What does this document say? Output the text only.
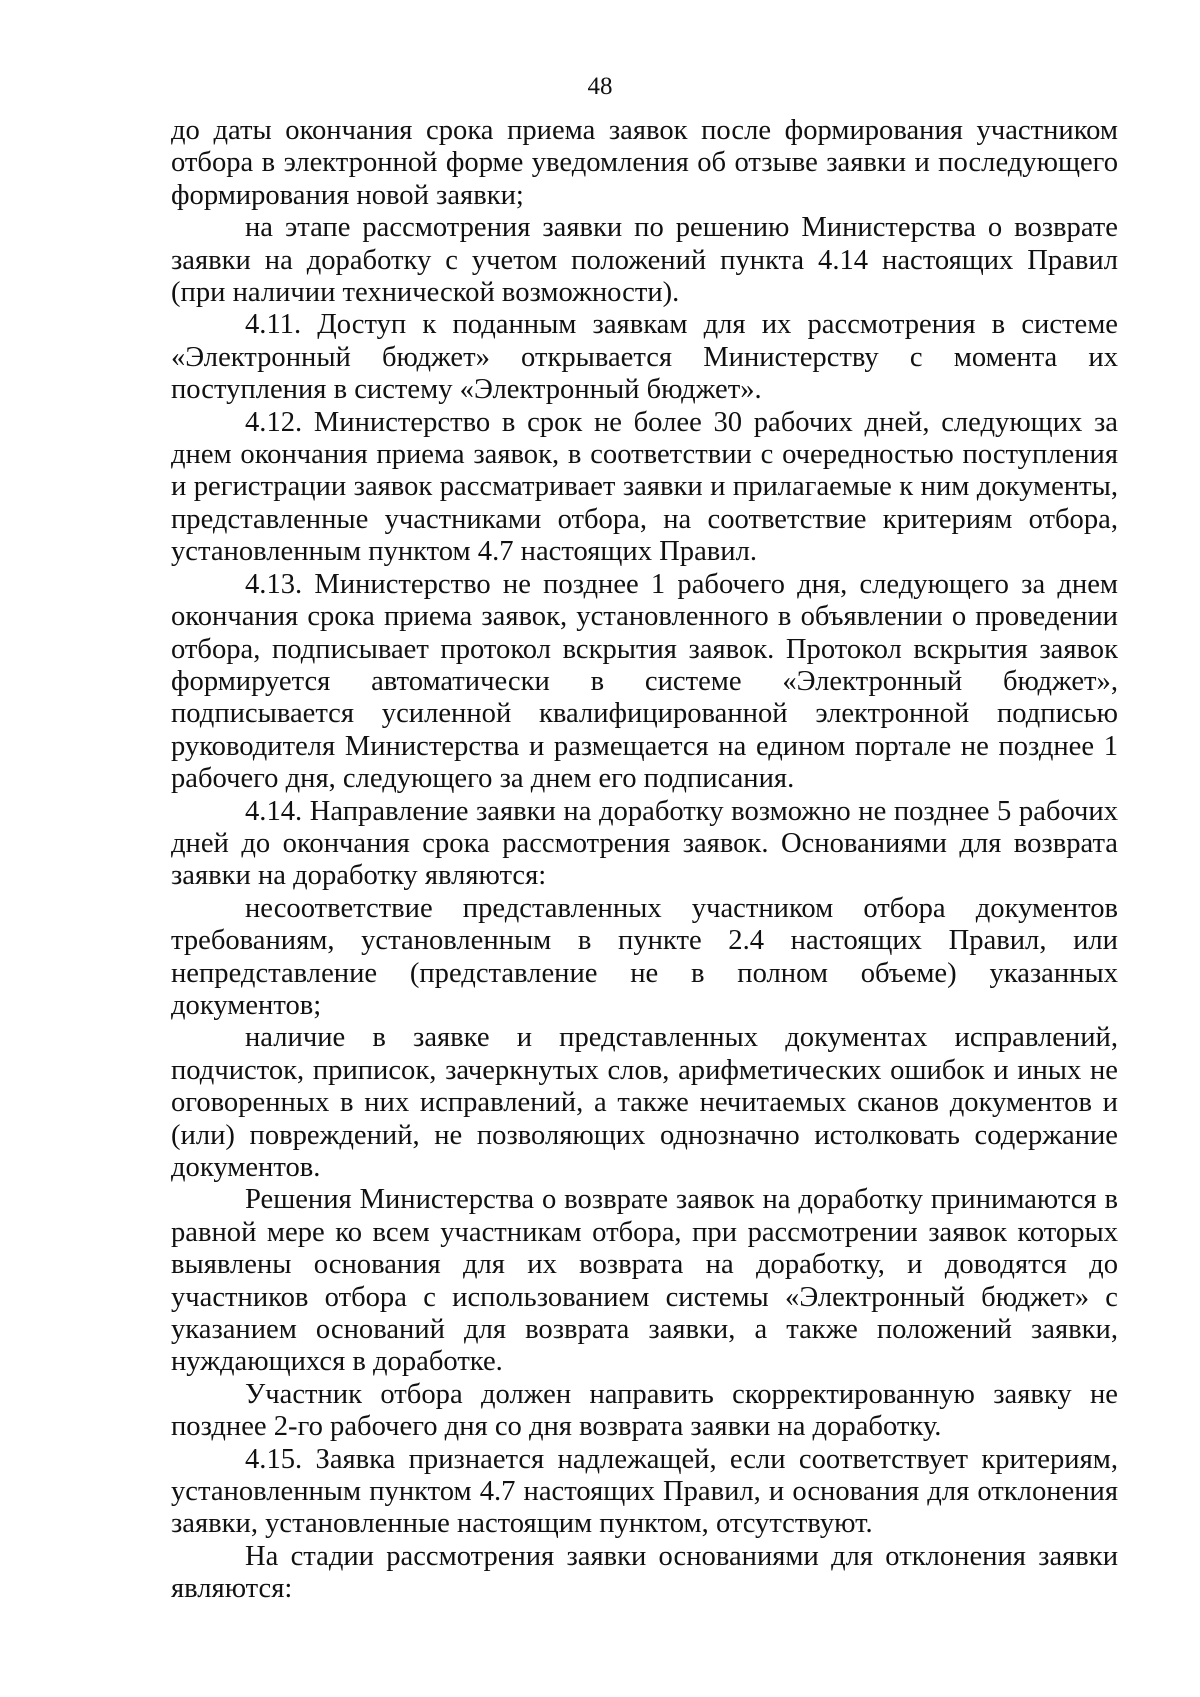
48

до даты окончания срока приема заявок после формирования участником отбора в электронной форме уведомления об отзыве заявки и последующего формирования новой заявки;

на этапе рассмотрения заявки по решению Министерства о возврате заявки на доработку с учетом положений пункта 4.14 настоящих Правил (при наличии технической возможности).

4.11. Доступ к поданным заявкам для их рассмотрения в системе «Электронный бюджет» открывается Министерству с момента их поступления в систему «Электронный бюджет».

4.12. Министерство в срок не более 30 рабочих дней, следующих за днем окончания приема заявок, в соответствии с очередностью поступления и регистрации заявок рассматривает заявки и прилагаемые к ним документы, представленные участниками отбора, на соответствие критериям отбора, установленным пунктом 4.7 настоящих Правил.

4.13. Министерство не позднее 1 рабочего дня, следующего за днем окончания срока приема заявок, установленного в объявлении о проведении отбора, подписывает протокол вскрытия заявок. Протокол вскрытия заявок формируется автоматически в системе «Электронный бюджет», подписывается усиленной квалифицированной электронной подписью руководителя Министерства и размещается на едином портале не позднее 1 рабочего дня, следующего за днем его подписания.

4.14. Направление заявки на доработку возможно не позднее 5 рабочих дней до окончания срока рассмотрения заявок. Основаниями для возврата заявки на доработку являются:

несоответствие представленных участником отбора документов требованиям, установленным в пункте 2.4 настоящих Правил, или непредставление (представление не в полном объеме) указанных документов;

наличие в заявке и представленных документах исправлений, подчисток, приписок, зачеркнутых слов, арифметических ошибок и иных не оговоренных в них исправлений, а также нечитаемых сканов документов и (или) повреждений, не позволяющих однозначно истолковать содержание документов.

Решения Министерства о возврате заявок на доработку принимаются в равной мере ко всем участникам отбора, при рассмотрении заявок которых выявлены основания для их возврата на доработку, и доводятся до участников отбора с использованием системы «Электронный бюджет» с указанием оснований для возврата заявки, а также положений заявки, нуждающихся в доработке.

Участник отбора должен направить скорректированную заявку не позднее 2-го рабочего дня со дня возврата заявки на доработку.

4.15. Заявка признается надлежащей, если соответствует критериям, установленным пунктом 4.7 настоящих Правил, и основания для отклонения заявки, установленные настоящим пунктом, отсутствуют.

На стадии рассмотрения заявки основаниями для отклонения заявки являются:
